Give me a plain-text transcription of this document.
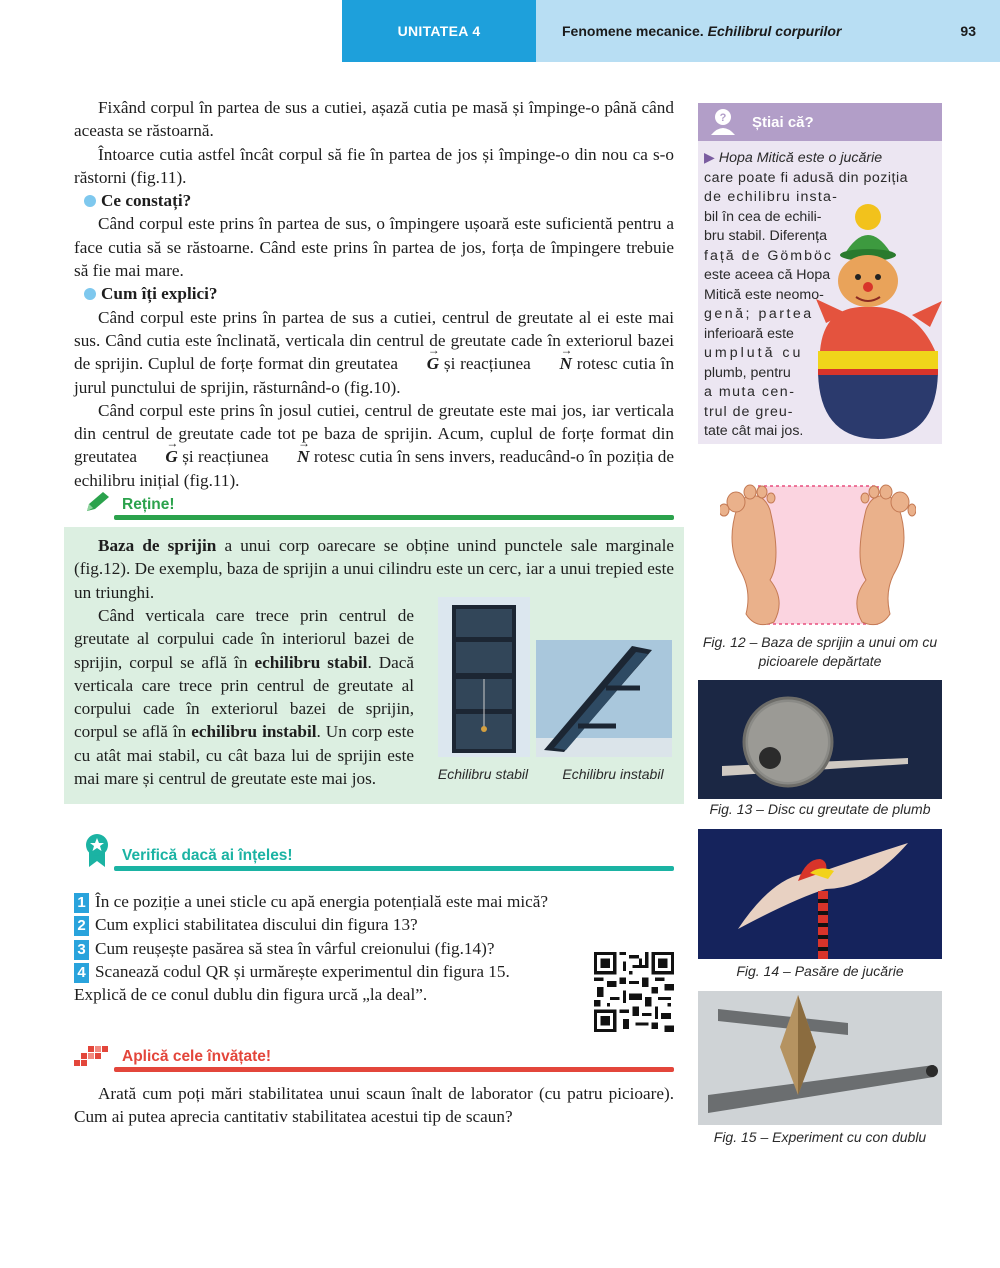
UNITATEA 4	Fenomene mecanice. Echilibrul corpurilor	93

Fixând corpul în partea de sus a cutiei, așază cutia pe masă și împinge-o până când aceasta se răstoarnă.

Întoarce cutia astfel încât corpul să fie în partea de jos și împinge-o din nou ca s-o răstorni (fig.11).

Ce constați?

Când corpul este prins în partea de sus, o împingere ușoară este suficientă pentru a face cutia să se răstoarne. Când este prins în partea de jos, forța de împingere trebuie să fie mai mare.

Cum îți explici?

Când corpul este prins în partea de sus a cutiei, centrul de greutate al ei este mai sus. Când cutia este înclinată, verticala din centrul de greutate cade în exteriorul bazei de sprijin. Cuplul de forțe format din greutatea → G și reacțiunea → N rotesc cutia în jurul punctului de sprijin, răsturnând-o (fig.10).

Când corpul este prins în josul cutiei, centrul de greutate este mai jos, iar verticala din centrul de greutate cade tot pe baza de sprijin. Acum, cuplul de forțe format din greutatea → G și reacțiunea → N rotesc cutia în sens invers, readucând-o în poziția de echilibru inițial (fig.11).

Reține!

Baza de sprijin a unui corp oarecare se obține unind punctele sale marginale (fig.12). De exemplu, baza de sprijin a unui cilindru este un cerc, iar a unui trepied este un triunghi.

Când verticala care trece prin centrul de greutate al corpului cade în interiorul bazei de sprijin, corpul se află în echilibru stabil. Dacă verticala care trece prin centrul de greutate al corpului cade în exteriorul bazei de sprijin, corpul se află în echilibru instabil. Un corp este cu atât mai stabil, cu cât baza lui de sprijin este mai mare și centrul de greutate este mai jos.	Echilibru stabil	Echilibru instabil
Verifică dacă ai înțeles!
1 În ce poziție a unei sticle cu apă energia potențială este mai mică?
2 Cum explici stabilitatea discului din figura 13?
3 Cum reușește pasărea să stea în vârful creionului (fig.14)?
4 Scanează codul QR și urmărește experimentul din figura 15.
Explică de ce conul dublu din figura urcă „la deal”.
Aplică cele învățate!

Arată cum poți mări stabilitatea unui scaun înalt de laborator (cu patru picioare). Cum ai putea aprecia cantitativ stabilitatea acestui tip de scaun?

? Știai că?
▶ Hopa Mitică este o jucărie
care poate fi adusă din poziția
de echilibru insta-
bil în cea de echili-
bru stabil. Diferența
față de Gömböc
este aceea că Hopa
Mitică este neomo-
genă; partea
inferioară este
umplută cu
plumb, pentru
a muta cen-
trul de greu-
tate cât mai jos.
Fig. 12 – Baza de sprijin a unui om cu picioarele depărtate
Fig. 13 – Disc cu greutate de plumb
Fig. 14 – Pasăre de jucărie
Fig. 15 – Experiment cu con dublu
